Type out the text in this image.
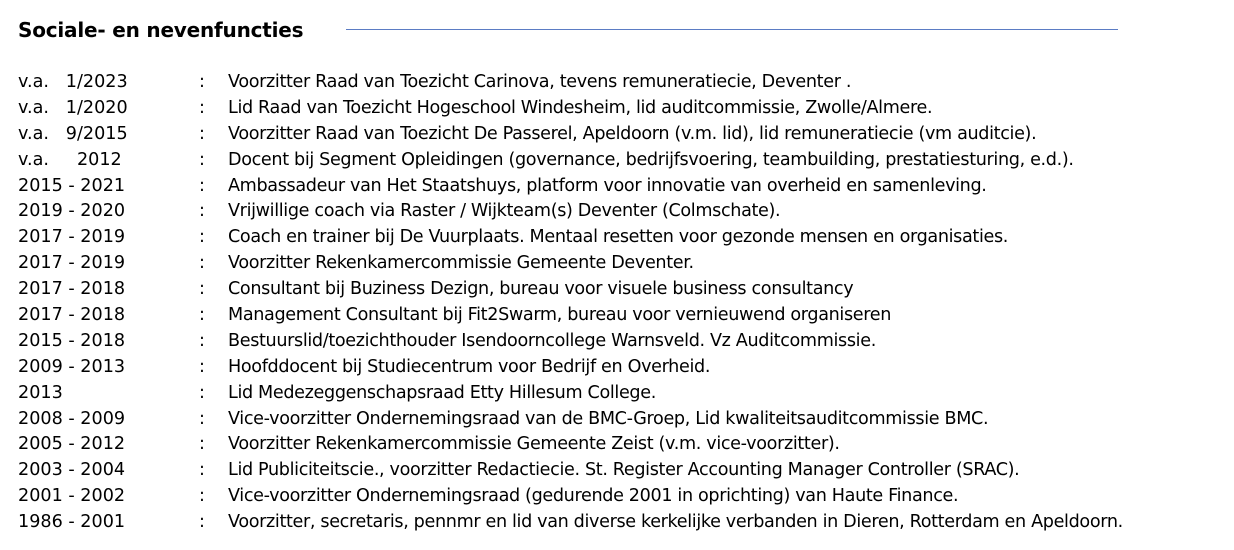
Sociale- en nevenfuncties
v.a.   1/2023	:	Voorzitter Raad van Toezicht Carinova, tevens remuneratiecie, Deventer .
v.a.   1/2020	:	Lid Raad van Toezicht Hogeschool Windesheim, lid auditcommissie, Zwolle/Almere.
v.a.   9/2015	:	Voorzitter Raad van Toezicht De Passerel, Apeldoorn (v.m. lid), lid remuneratiecie (vm auditcie).
v.a.     2012	:	Docent bij Segment Opleidingen (governance, bedrijfsvoering, teambuilding, prestatiesturing, e.d.).
2015 - 2021	:	Ambassadeur van Het Staatshuys, platform voor innovatie van overheid en samenleving.
2019 - 2020	:	Vrijwillige coach via Raster / Wijkteam(s) Deventer (Colmschate).
2017 - 2019	:	Coach en trainer bij De Vuurplaats. Mentaal resetten voor gezonde mensen en organisaties.
2017 - 2019	:	Voorzitter Rekenkamercommissie Gemeente Deventer.
2017 - 2018	:	Consultant bij Buziness Dezign, bureau voor visuele business consultancy
2017 - 2018	:	Management Consultant bij Fit2Swarm, bureau voor vernieuwend organiseren
2015 - 2018	:	Bestuurslid/toezichthouder Isendoorncollege Warnsveld. Vz Auditcommissie.
2009 - 2013	:	Hoofddocent bij Studiecentrum voor Bedrijf en Overheid.
2013	:	Lid Medezeggenschapsraad Etty Hillesum College.
2008 - 2009	:	Vice-voorzitter Ondernemingsraad van de BMC-Groep, Lid kwaliteitsauditcommissie BMC.
2005 - 2012	:	Voorzitter Rekenkamercommissie Gemeente Zeist (v.m. vice-voorzitter).
2003 - 2004	:	Lid Publiciteitscie., voorzitter Redactiecie. St. Register Accounting Manager Controller (SRAC).
2001 - 2002	:	Vice-voorzitter Ondernemingsraad (gedurende 2001 in oprichting) van Haute Finance.
1986 - 2001	:	Voorzitter, secretaris, pennmr en lid van diverse kerkelijke verbanden in Dieren, Rotterdam en Apeldoorn.
